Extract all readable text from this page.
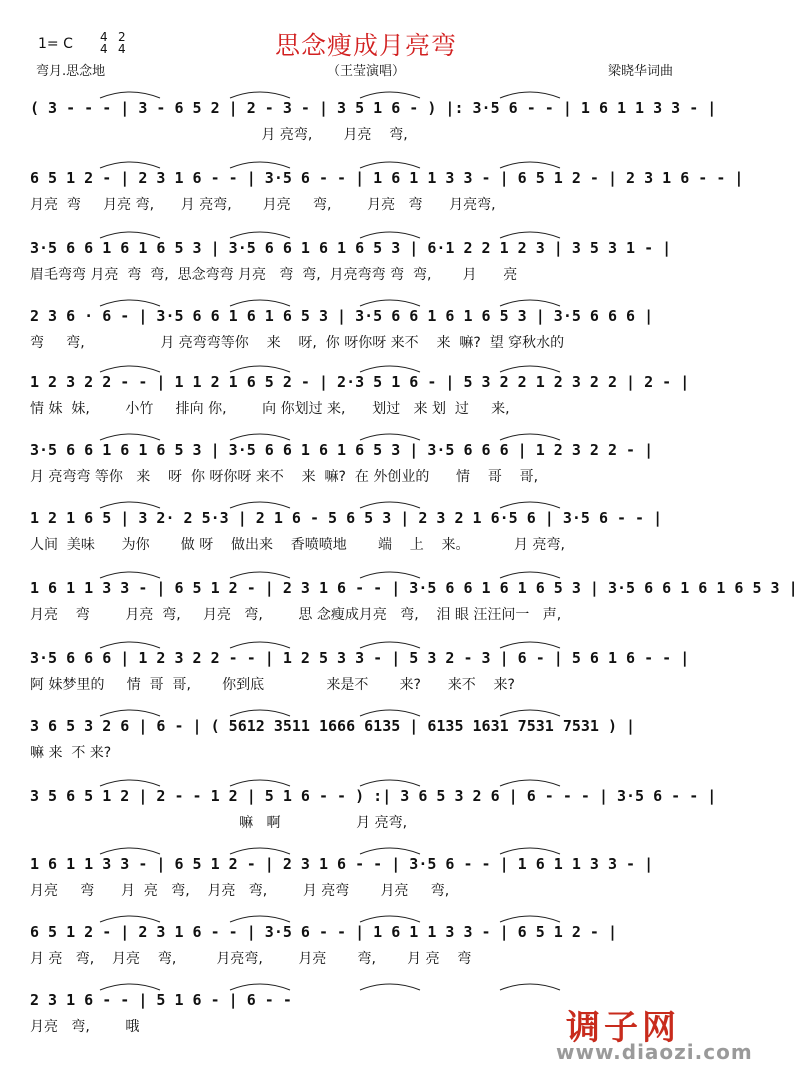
1= C 4
4
2
4	思念瘦成月亮弯
弯月.思念地	（王莹演唱）	梁晓华词曲
( 3 - - - | 3 - 6 5 2 | 2 - 3 - | 3 5 1 6 - ) |: 3·5 6 - - | 1 6 1 1 3 3 - |
月 亮弯,       月亮    弯,
6 5 1 2 - | 2 3 1 6 - - | 3·5 6 - - | 1 6 1 1 3 3 - | 6 5 1 2 - | 2 3 1 6 - - |
月亮  弯     月亮 弯,      月 亮弯,       月亮     弯,        月亮   弯      月亮弯,
3·5 6 6 1 6 1 6 5 3 | 3·5 6 6 1 6 1 6 5 3 | 6·1 2 2 1 2 3 | 3 5 3 1 - |
眉毛弯弯 月亮  弯  弯,  思念弯弯 月亮   弯  弯,  月亮弯弯 弯  弯,       月      亮
2 3 6 · 6 - | 3·5 6 6 1 6 1 6 5 3 | 3·5 6 6 1 6 1 6 5 3 | 3·5 6 6 6 |
弯     弯,                 月 亮弯弯等你    来    呀,  你 呀你呀 来不    来  嘛?  望 穿秋水的
1 2 3 2 2 - - | 1 1 2 1 6 5 2 - | 2·3 5 1 6 - | 5 3 2 2 1 2 3 2 2 | 2 - |
情 妹  妹,        小竹     排向 你,        向 你划过 来,      划过   来 划  过     来,
3·5 6 6 1 6 1 6 5 3 | 3·5 6 6 1 6 1 6 5 3 | 3·5 6 6 6 | 1 2 3 2 2 - |
月 亮弯弯 等你   来    呀  你 呀你呀 来不    来  嘛?  在 外创业的      情    哥    哥,
1 2 1 6 5 | 3 2· 2 5·3 | 2 1 6 - 5 6 5 3 | 2 3 2 1 6·5 6 | 3·5 6 - - |
人间  美味      为你       做 呀    做出来    香喷喷地       端    上    来。          月 亮弯,
1 6 1 1 3 3 - | 6 5 1 2 - | 2 3 1 6 - - | 3·5 6 6 1 6 1 6 5 3 | 3·5 6 6 1 6 1 6 5 3 |
月亮    弯        月亮  弯,     月亮   弯,        思 念瘦成月亮   弯,    泪 眼 汪汪问一   声,
3·5 6 6 6 | 1 2 3 2 2 - - | 1 2 5 3 3 - | 5 3 2 - 3 | 6 - | 5 6 1 6 - - |
阿 妹梦里的     情  哥  哥,       你到底              来是不       来?      来不    来?
3 6 5 3 2 6 | 6 - | ( 5612 3511 1666 6135 | 6135 1631 7531 7531 ) |
嘛 来  不 来?
3 5 6 5 1 2 | 2 - - 1 2 | 5 1 6 - - ) :| 3 6 5 3 2 6 | 6 - - - | 3·5 6 - - |
嘛   啊                 月 亮弯,
1 6 1 1 3 3 - | 6 5 1 2 - | 2 3 1 6 - - | 3·5 6 - - | 1 6 1 1 3 3 - |
月亮     弯      月  亮   弯,    月亮   弯,        月 亮弯       月亮     弯,
6 5 1 2 - | 2 3 1 6 - - | 3·5 6 - - | 1 6 1 1 3 3 - | 6 5 1 2 - |
月 亮   弯,    月亮    弯,         月亮弯,        月亮       弯,       月 亮    弯
2 3 1 6 - - | 5 1 6 - | 6 - -
月亮   弯,        哦	调子网
www.diaozi.com
